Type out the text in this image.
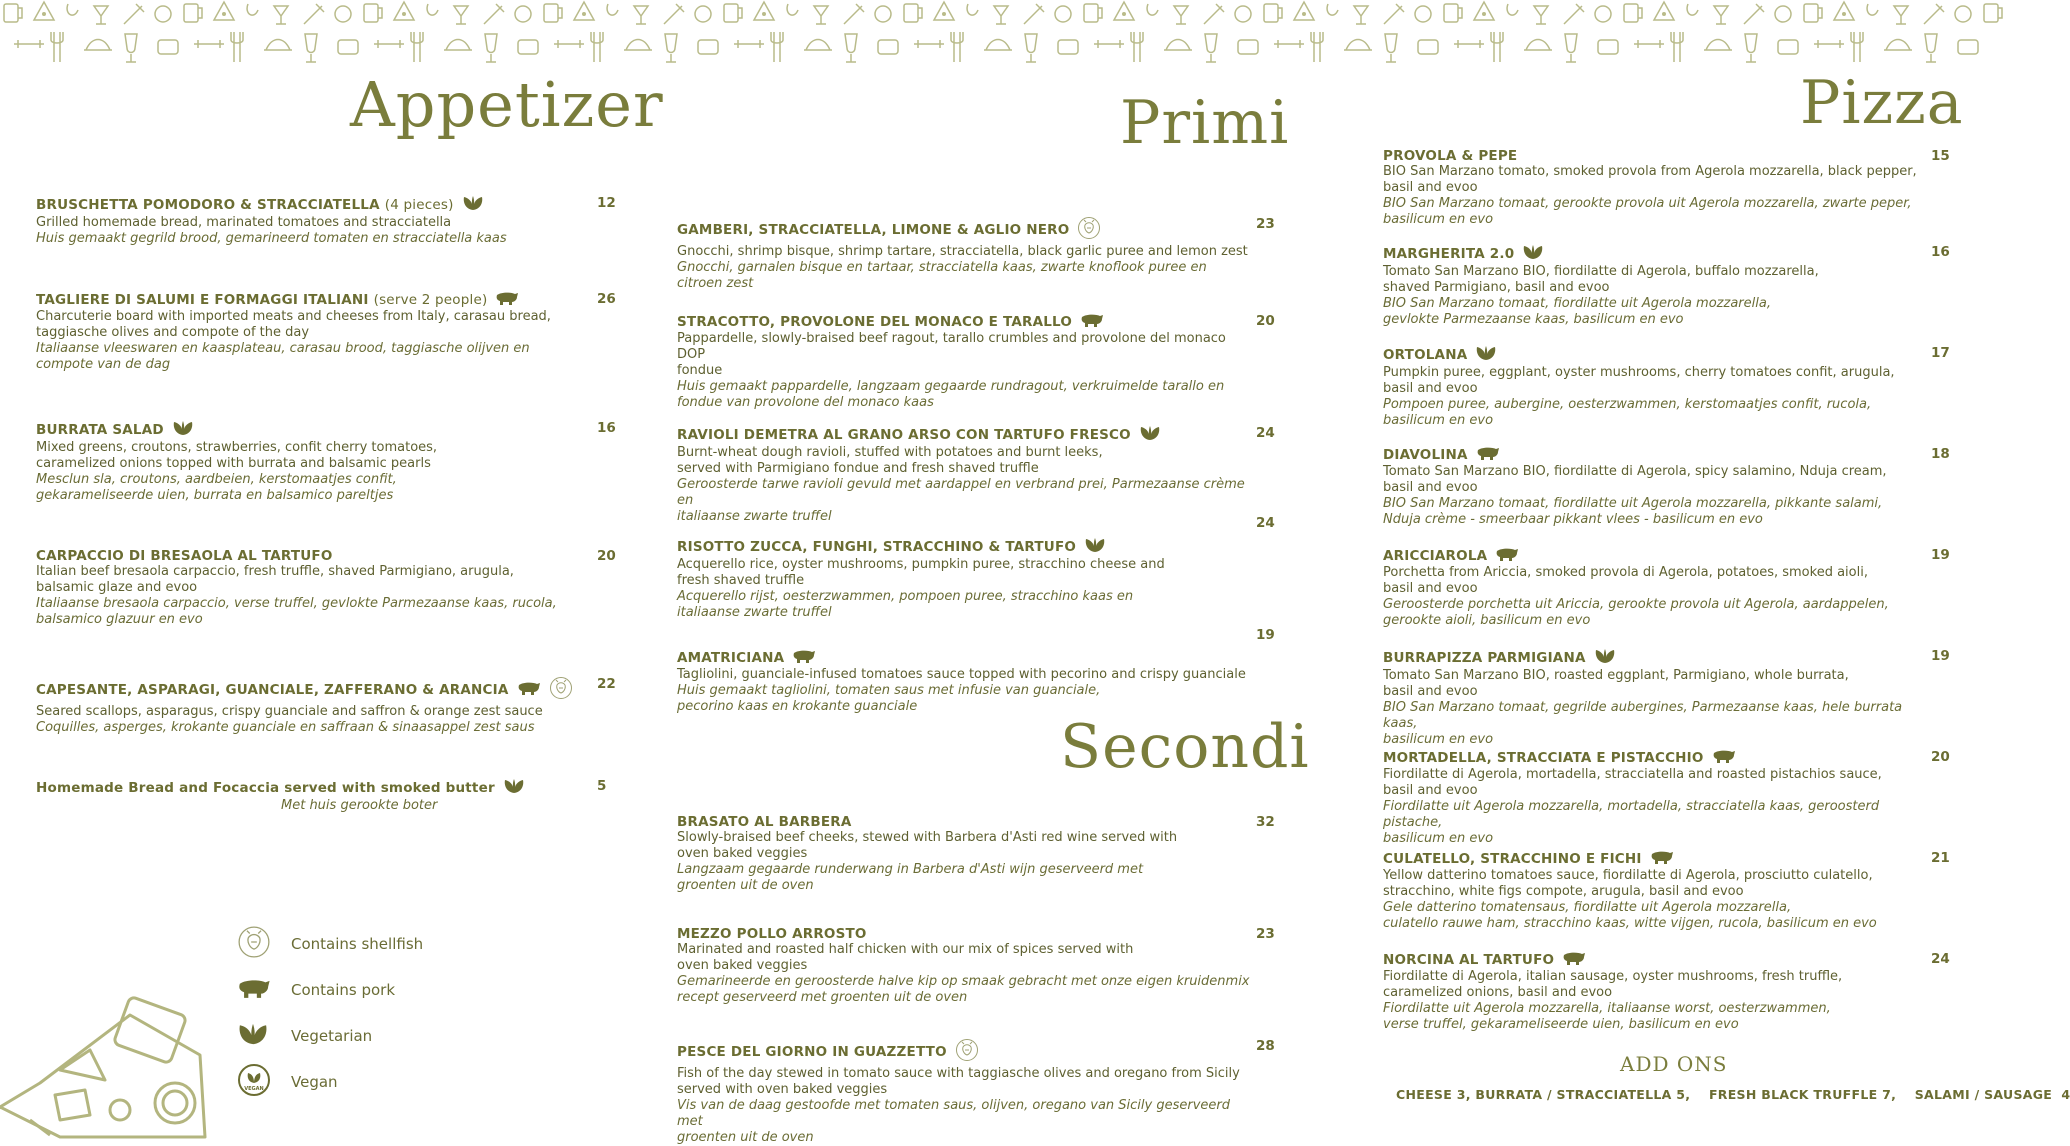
Appetizer	Primi
Secondi
Pizza
BRUSCHETTA POMODORO & STRACCIATELLA (4 pieces)
Grilled homemade bread, marinated tomatoes and stracciatella
Huis gemaakt gegrild brood, gemarineerd tomaten en stracciatella kaas
12
TAGLIERE DI SALUMI E FORMAGGI ITALIANI (serve 2 people)
Charcuterie board with imported meats and cheeses from Italy, carasau bread,
taggiasche olives and compote of the day
Italiaanse vleeswaren en kaasplateau, carasau brood, taggiasche olijven en
compote van de dag
26
BURRATA SALAD
Mixed greens, croutons, strawberries, confit cherry tomatoes,
caramelized onions topped with burrata and balsamic pearls
Mesclun sla, croutons, aardbeien, kerstomaatjes confit,
gekarameliseerde uien, burrata en balsamico pareltjes
16
CARPACCIO DI BRESAOLA AL TARTUFO
Italian beef bresaola carpaccio, fresh truffle, shaved Parmigiano, arugula,
balsamic glaze and evoo
Italiaanse bresaola carpaccio, verse truffel, gevlokte Parmezaanse kaas, rucola,
balsamico glazuur en evo
20
CAPESANTE, ASPARAGI, GUANCIALE, ZAFFERANO & ARANCIA
Seared scallops, asparagus, crispy guanciale and saffron & orange zest sauce
Coquilles, asperges, krokante guanciale en saffraan & sinaasappel zest saus
22
Homemade Bread and Focaccia served with smoked butter
Met huis gerookte boter
5
GAMBERI, STRACCIATELLA, LIMONE & AGLIO NERO
Gnocchi, shrimp bisque, shrimp tartare, stracciatella, black garlic puree and lemon zest
Gnocchi, garnalen bisque en tartaar, stracciatella kaas, zwarte knoflook puree en
citroen zest
23
STRACOTTO, PROVOLONE DEL MONACO E TARALLO
Pappardelle, slowly-braised beef ragout, tarallo crumbles and provolone del monaco DOP
fondue
Huis gemaakt pappardelle, langzaam gegaarde rundragout, verkruimelde tarallo en
fondue van provolone del monaco kaas
20
RAVIOLI DEMETRA AL GRANO ARSO CON TARTUFO FRESCO
Burnt-wheat dough ravioli, stuffed with potatoes and burnt leeks,
served with Parmigiano fondue and fresh shaved truffle
Geroosterde tarwe ravioli gevuld met aardappel en verbrand prei, Parmezaanse crème en
italiaanse zwarte truffel
24
RISOTTO ZUCCA, FUNGHI, STRACCHINO & TARTUFO
Acquerello rice, oyster mushrooms, pumpkin puree, stracchino cheese and
fresh shaved truffle
Acquerello rijst, oesterzwammen, pompoen puree, stracchino kaas en
italiaanse zwarte truffel
24
AMATRICIANA
Tagliolini, guanciale-infused tomatoes sauce topped with pecorino and crispy guanciale
Huis gemaakt tagliolini, tomaten saus met infusie van guanciale,
pecorino kaas en krokante guanciale
19
BRASATO AL BARBERA
Slowly-braised beef cheeks, stewed with Barbera d'Asti red wine served with
oven baked veggies
Langzaam gegaarde runderwang in Barbera d'Asti wijn geserveerd met
groenten uit de oven
32
MEZZO POLLO ARROSTO
Marinated and roasted half chicken with our mix of spices served with
oven baked veggies
Gemarineerde en geroosterde halve kip op smaak gebracht met onze eigen kruidenmix
recept geserveerd met groenten uit de oven
23
PESCE DEL GIORNO IN GUAZZETTO
Fish of the day stewed in tomato sauce with taggiasche olives and oregano from Sicily
served with oven baked veggies
Vis van de daag gestoofde met tomaten saus, olijven, oregano van Sicily geserveerd met
groenten uit de oven
28
PROVOLA & PEPE
BIO San Marzano tomato, smoked provola from Agerola mozzarella, black pepper,
basil and evoo
BIO San Marzano tomaat, gerookte provola uit Agerola mozzarella, zwarte peper,
basilicum en evo
15
MARGHERITA 2.0
Tomato San Marzano BIO, fiordilatte di Agerola, buffalo mozzarella,
shaved Parmigiano, basil and evoo
BIO San Marzano tomaat, fiordilatte uit Agerola mozzarella,
gevlokte Parmezaanse kaas, basilicum en evo
16
ORTOLANA
Pumpkin puree, eggplant, oyster mushrooms, cherry tomatoes confit, arugula,
basil and evoo
Pompoen puree, aubergine, oesterzwammen, kerstomaatjes confit, rucola,
basilicum en evo
17
DIAVOLINA
Tomato San Marzano BIO, fiordilatte di Agerola, spicy salamino, Nduja cream,
basil and evoo
BIO San Marzano tomaat, fiordilatte uit Agerola mozzarella, pikkante salami,
Nduja crème - smeerbaar pikkant vlees - basilicum en evo
18
ARICCIAROLA
Porchetta from Ariccia, smoked provola di Agerola, potatoes, smoked aioli,
basil and evoo
Geroosterde porchetta uit Ariccia, gerookte provola uit Agerola, aardappelen,
gerookte aioli, basilicum en evo
19
BURRAPIZZA PARMIGIANA
Tomato San Marzano BIO, roasted eggplant, Parmigiano, whole burrata,
basil and evoo
BIO San Marzano tomaat, gegrilde aubergines, Parmezaanse kaas, hele burrata kaas,
basilicum en evo
19
MORTADELLA, STRACCIATA E PISTACCHIO
Fiordilatte di Agerola, mortadella, stracciatella and roasted pistachios sauce,
basil and evoo
Fiordilatte uit Agerola mozzarella, mortadella, stracciatella kaas, geroosterd pistache,
basilicum en evo
20
CULATELLO, STRACCHINO E FICHI
Yellow datterino tomatoes sauce, fiordilatte di Agerola, prosciutto culatello,
stracchino, white figs compote, arugula, basil and evoo
Gele datterino tomatensaus, fiordilatte uit Agerola mozzarella,
culatello rauwe ham, stracchino kaas, witte vijgen, rucola, basilicum en evo
21
NORCINA AL TARTUFO
Fiordilatte di Agerola, italian sausage, oyster mushrooms, fresh truffle,
caramelized onions, basil and evoo
Fiordilatte uit Agerola mozzarella, italiaanse worst, oesterzwammen,
verse truffel, gekarameliseerde uien, basilicum en evo
24
Contains shellfish
Contains pork
Vegetarian
VEGAN Vegan
ADD ONS
CHEESE 3, BURRATA / STRACCIATELLA 5,    FRESH BLACK TRUFFLE 7,    SALAMI / SAUSAGE  4
